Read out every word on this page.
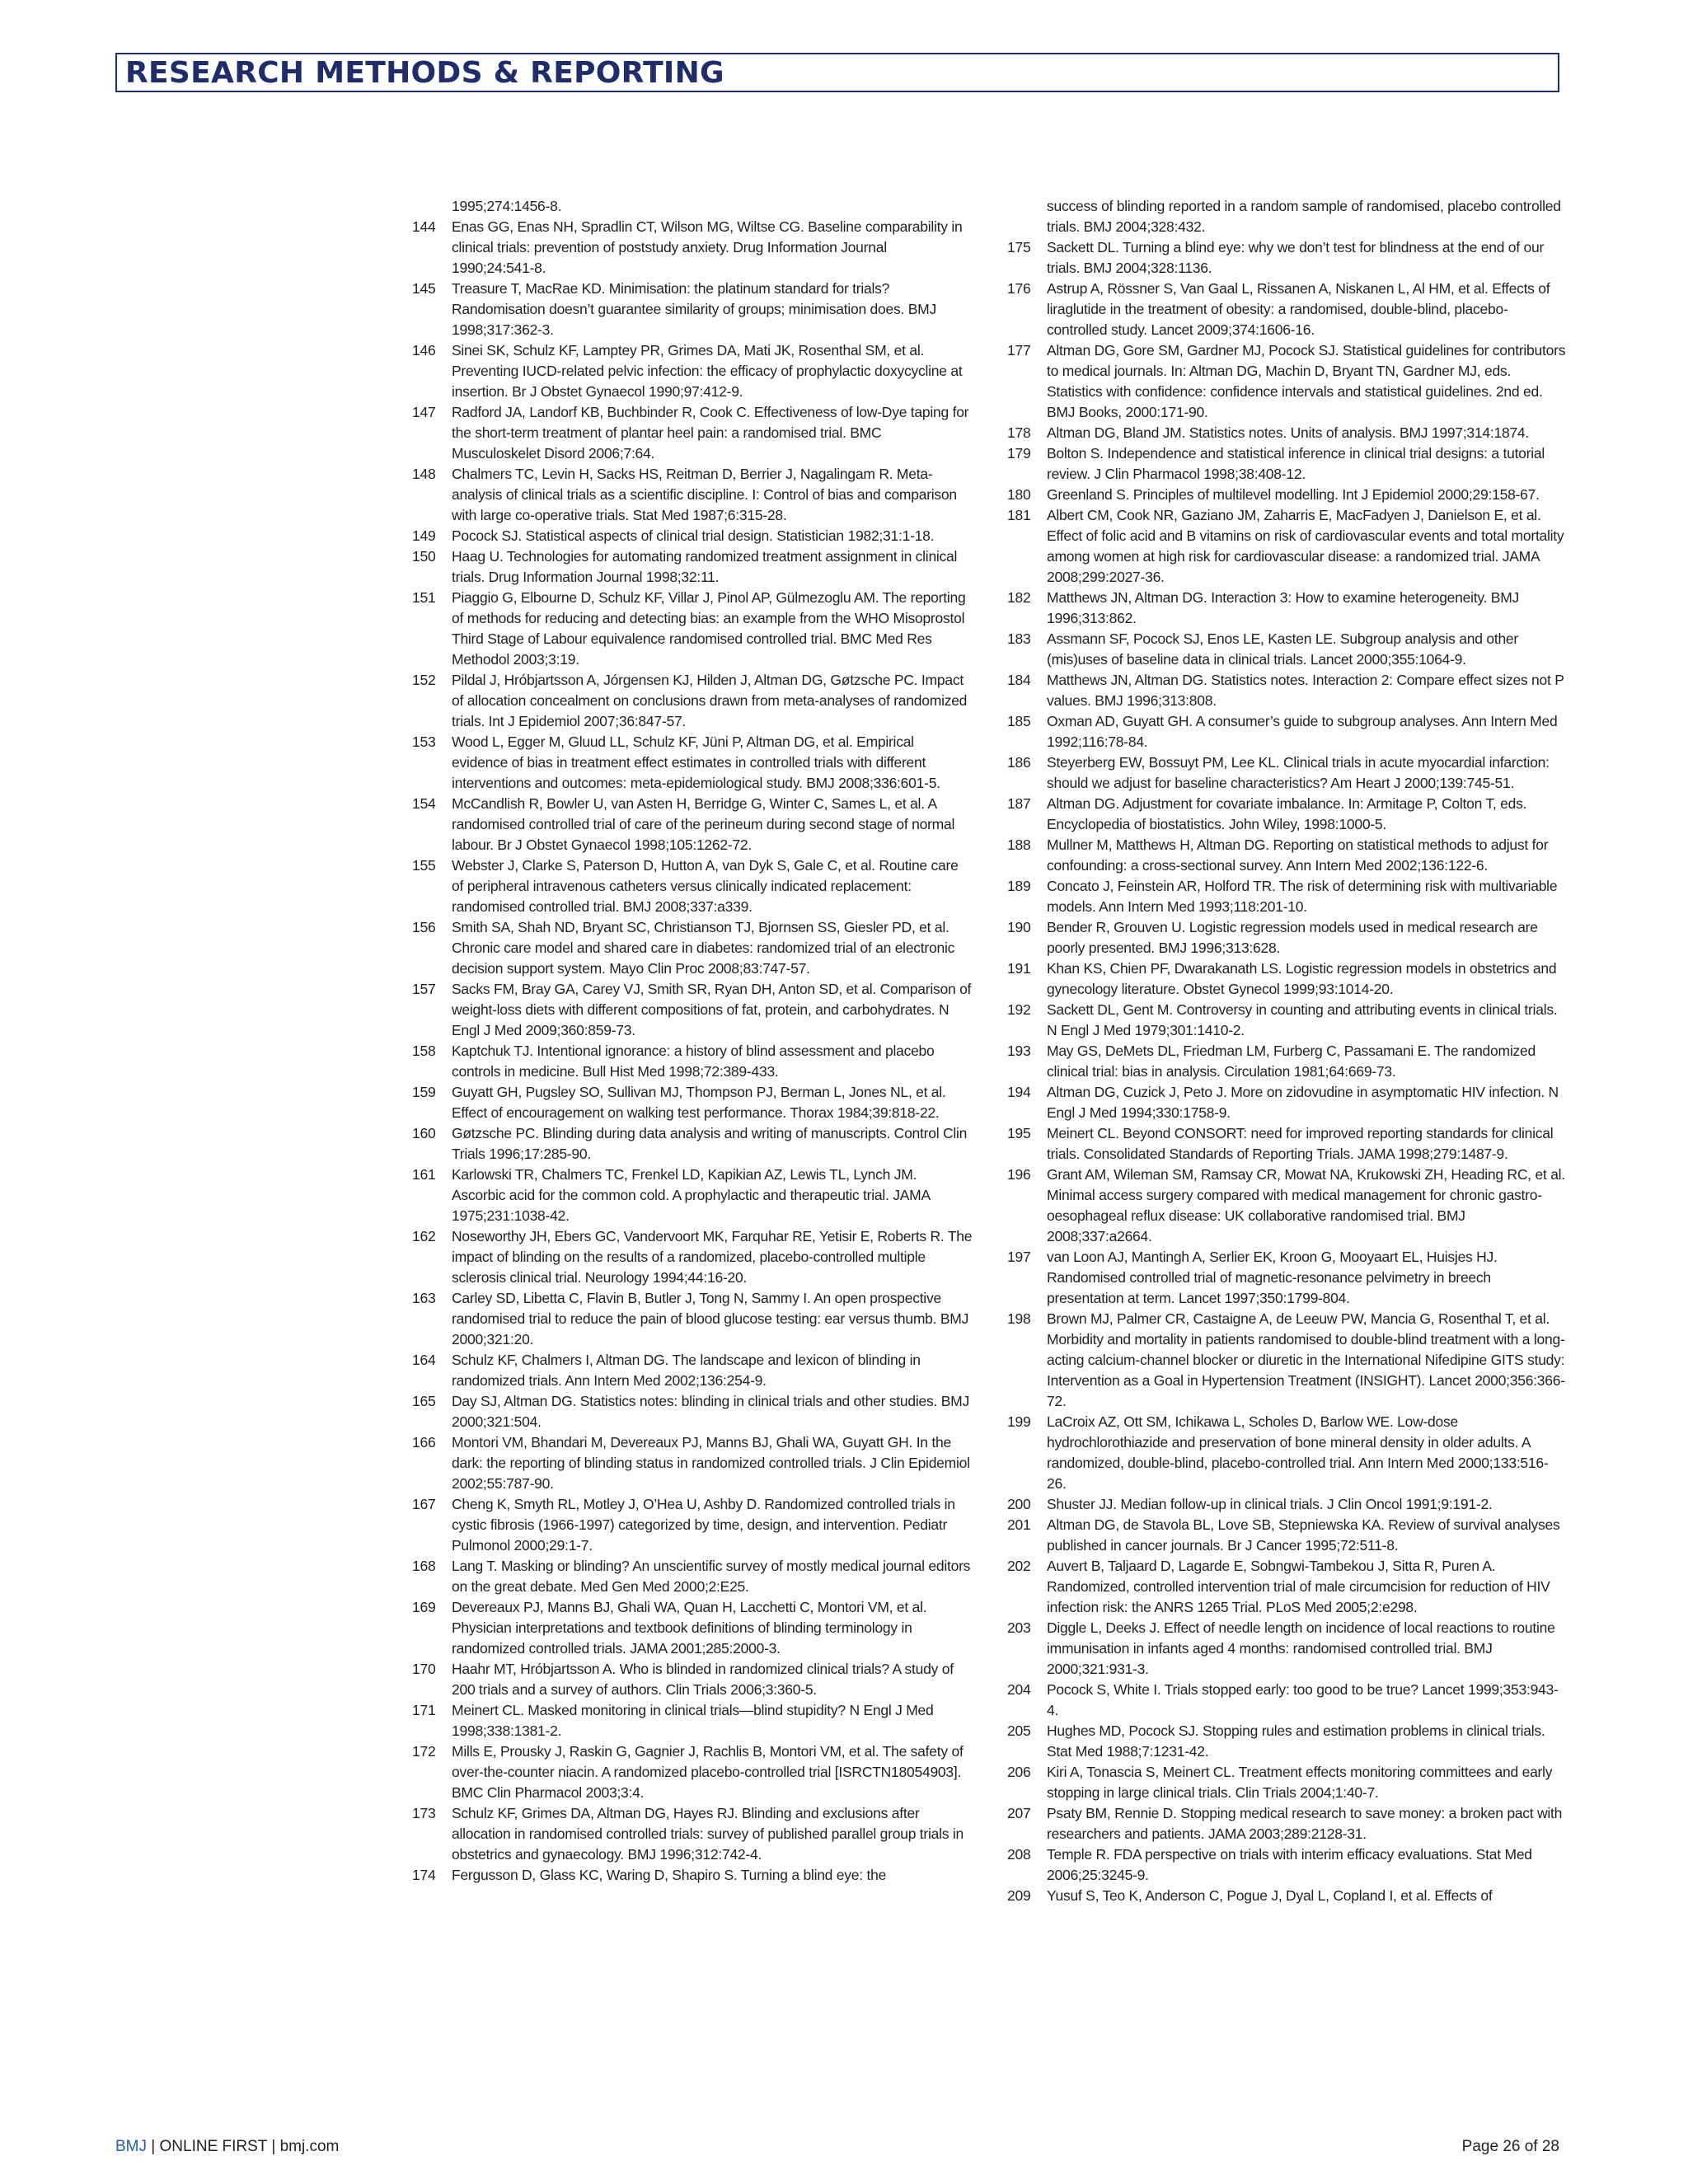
RESEARCH METHODS & REPORTING
1995;274:1456-8.
144 Enas GG, Enas NH, Spradlin CT, Wilson MG, Wiltse CG. Baseline comparability in clinical trials: prevention of poststudy anxiety. Drug Information Journal 1990;24:541-8.
145 Treasure T, MacRae KD. Minimisation: the platinum standard for trials? Randomisation doesn’t guarantee similarity of groups; minimisation does. BMJ 1998;317:362-3.
146 Sinei SK, Schulz KF, Lamptey PR, Grimes DA, Mati JK, Rosenthal SM, et al. Preventing IUCD-related pelvic infection: the efficacy of prophylactic doxycycline at insertion. Br J Obstet Gynaecol 1990;97:412-9.
147 Radford JA, Landorf KB, Buchbinder R, Cook C. Effectiveness of low-Dye taping for the short-term treatment of plantar heel pain: a randomised trial. BMC Musculoskelet Disord 2006;7:64.
148 Chalmers TC, Levin H, Sacks HS, Reitman D, Berrier J, Nagalingam R. Meta-analysis of clinical trials as a scientific discipline. I: Control of bias and comparison with large co-operative trials. Stat Med 1987;6:315-28.
149 Pocock SJ. Statistical aspects of clinical trial design. Statistician 1982;31:1-18.
150 Haag U. Technologies for automating randomized treatment assignment in clinical trials. Drug Information Journal 1998;32:11.
151 Piaggio G, Elbourne D, Schulz KF, Villar J, Pinol AP, Gülmezoglu AM. The reporting of methods for reducing and detecting bias: an example from the WHO Misoprostol Third Stage of Labour equivalence randomised controlled trial. BMC Med Res Methodol 2003;3:19.
152 Pildal J, Hróbjartsson A, Jórgensen KJ, Hilden J, Altman DG, Gøtzsche PC. Impact of allocation concealment on conclusions drawn from meta-analyses of randomized trials. Int J Epidemiol 2007;36:847-57.
153 Wood L, Egger M, Gluud LL, Schulz KF, Jüni P, Altman DG, et al. Empirical evidence of bias in treatment effect estimates in controlled trials with different interventions and outcomes: meta-epidemiological study. BMJ 2008;336:601-5.
154 McCandlish R, Bowler U, van Asten H, Berridge G, Winter C, Sames L, et al. A randomised controlled trial of care of the perineum during second stage of normal labour. Br J Obstet Gynaecol 1998;105:1262-72.
155 Webster J, Clarke S, Paterson D, Hutton A, van Dyk S, Gale C, et al. Routine care of peripheral intravenous catheters versus clinically indicated replacement: randomised controlled trial. BMJ 2008;337:a339.
156 Smith SA, Shah ND, Bryant SC, Christianson TJ, Bjornsen SS, Giesler PD, et al. Chronic care model and shared care in diabetes: randomized trial of an electronic decision support system. Mayo Clin Proc 2008;83:747-57.
157 Sacks FM, Bray GA, Carey VJ, Smith SR, Ryan DH, Anton SD, et al. Comparison of weight-loss diets with different compositions of fat, protein, and carbohydrates. N Engl J Med 2009;360:859-73.
158 Kaptchuk TJ. Intentional ignorance: a history of blind assessment and placebo controls in medicine. Bull Hist Med 1998;72:389-433.
159 Guyatt GH, Pugsley SO, Sullivan MJ, Thompson PJ, Berman L, Jones NL, et al. Effect of encouragement on walking test performance. Thorax 1984;39:818-22.
160 Gøtzsche PC. Blinding during data analysis and writing of manuscripts. Control Clin Trials 1996;17:285-90.
161 Karlowski TR, Chalmers TC, Frenkel LD, Kapikian AZ, Lewis TL, Lynch JM. Ascorbic acid for the common cold. A prophylactic and therapeutic trial. JAMA 1975;231:1038-42.
162 Noseworthy JH, Ebers GC, Vandervoort MK, Farquhar RE, Yetisir E, Roberts R. The impact of blinding on the results of a randomized, placebo-controlled multiple sclerosis clinical trial. Neurology 1994;44:16-20.
163 Carley SD, Libetta C, Flavin B, Butler J, Tong N, Sammy I. An open prospective randomised trial to reduce the pain of blood glucose testing: ear versus thumb. BMJ 2000;321:20.
164 Schulz KF, Chalmers I, Altman DG. The landscape and lexicon of blinding in randomized trials. Ann Intern Med 2002;136:254-9.
165 Day SJ, Altman DG. Statistics notes: blinding in clinical trials and other studies. BMJ 2000;321:504.
166 Montori VM, Bhandari M, Devereaux PJ, Manns BJ, Ghali WA, Guyatt GH. In the dark: the reporting of blinding status in randomized controlled trials. J Clin Epidemiol 2002;55:787-90.
167 Cheng K, Smyth RL, Motley J, O’Hea U, Ashby D. Randomized controlled trials in cystic fibrosis (1966-1997) categorized by time, design, and intervention. Pediatr Pulmonol 2000;29:1-7.
168 Lang T. Masking or blinding? An unscientific survey of mostly medical journal editors on the great debate. Med Gen Med 2000;2:E25.
169 Devereaux PJ, Manns BJ, Ghali WA, Quan H, Lacchetti C, Montori VM, et al. Physician interpretations and textbook definitions of blinding terminology in randomized controlled trials. JAMA 2001;285:2000-3.
170 Haahr MT, Hróbjartsson A. Who is blinded in randomized clinical trials? A study of 200 trials and a survey of authors. Clin Trials 2006;3:360-5.
171 Meinert CL. Masked monitoring in clinical trials—blind stupidity? N Engl J Med 1998;338:1381-2.
172 Mills E, Prousky J, Raskin G, Gagnier J, Rachlis B, Montori VM, et al. The safety of over-the-counter niacin. A randomized placebo-controlled trial [ISRCTN18054903]. BMC Clin Pharmacol 2003;3:4.
173 Schulz KF, Grimes DA, Altman DG, Hayes RJ. Blinding and exclusions after allocation in randomised controlled trials: survey of published parallel group trials in obstetrics and gynaecology. BMJ 1996;312:742-4.
174 Fergusson D, Glass KC, Waring D, Shapiro S. Turning a blind eye: the
success of blinding reported in a random sample of randomised, placebo controlled trials. BMJ 2004;328:432.
175 Sackett DL. Turning a blind eye: why we don’t test for blindness at the end of our trials. BMJ 2004;328:1136.
176 Astrup A, Rössner S, Van Gaal L, Rissanen A, Niskanen L, Al HM, et al. Effects of liraglutide in the treatment of obesity: a randomised, double-blind, placebo-controlled study. Lancet 2009;374:1606-16.
177 Altman DG, Gore SM, Gardner MJ, Pocock SJ. Statistical guidelines for contributors to medical journals. In: Altman DG, Machin D, Bryant TN, Gardner MJ, eds. Statistics with confidence: confidence intervals and statistical guidelines. 2nd ed. BMJ Books, 2000:171-90.
178 Altman DG, Bland JM. Statistics notes. Units of analysis. BMJ 1997;314:1874.
179 Bolton S. Independence and statistical inference in clinical trial designs: a tutorial review. J Clin Pharmacol 1998;38:408-12.
180 Greenland S. Principles of multilevel modelling. Int J Epidemiol 2000;29:158-67.
181 Albert CM, Cook NR, Gaziano JM, Zaharris E, MacFadyen J, Danielson E, et al. Effect of folic acid and B vitamins on risk of cardiovascular events and total mortality among women at high risk for cardiovascular disease: a randomized trial. JAMA 2008;299:2027-36.
182 Matthews JN, Altman DG. Interaction 3: How to examine heterogeneity. BMJ 1996;313:862.
183 Assmann SF, Pocock SJ, Enos LE, Kasten LE. Subgroup analysis and other (mis)uses of baseline data in clinical trials. Lancet 2000;355:1064-9.
184 Matthews JN, Altman DG. Statistics notes. Interaction 2: Compare effect sizes not P values. BMJ 1996;313:808.
185 Oxman AD, Guyatt GH. A consumer’s guide to subgroup analyses. Ann Intern Med 1992;116:78-84.
186 Steyerberg EW, Bossuyt PM, Lee KL. Clinical trials in acute myocardial infarction: should we adjust for baseline characteristics? Am Heart J 2000;139:745-51.
187 Altman DG. Adjustment for covariate imbalance. In: Armitage P, Colton T, eds. Encyclopedia of biostatistics. John Wiley, 1998:1000-5.
188 Mullner M, Matthews H, Altman DG. Reporting on statistical methods to adjust for confounding: a cross-sectional survey. Ann Intern Med 2002;136:122-6.
189 Concato J, Feinstein AR, Holford TR. The risk of determining risk with multivariable models. Ann Intern Med 1993;118:201-10.
190 Bender R, Grouven U. Logistic regression models used in medical research are poorly presented. BMJ 1996;313:628.
191 Khan KS, Chien PF, Dwarakanath LS. Logistic regression models in obstetrics and gynecology literature. Obstet Gynecol 1999;93:1014-20.
192 Sackett DL, Gent M. Controversy in counting and attributing events in clinical trials. N Engl J Med 1979;301:1410-2.
193 May GS, DeMets DL, Friedman LM, Furberg C, Passamani E. The randomized clinical trial: bias in analysis. Circulation 1981;64:669-73.
194 Altman DG, Cuzick J, Peto J. More on zidovudine in asymptomatic HIV infection. N Engl J Med 1994;330:1758-9.
195 Meinert CL. Beyond CONSORT: need for improved reporting standards for clinical trials. Consolidated Standards of Reporting Trials. JAMA 1998;279:1487-9.
196 Grant AM, Wileman SM, Ramsay CR, Mowat NA, Krukowski ZH, Heading RC, et al. Minimal access surgery compared with medical management for chronic gastro-oesophageal reflux disease: UK collaborative randomised trial. BMJ 2008;337:a2664.
197 van Loon AJ, Mantingh A, Serlier EK, Kroon G, Mooyaart EL, Huisjes HJ. Randomised controlled trial of magnetic-resonance pelvimetry in breech presentation at term. Lancet 1997;350:1799-804.
198 Brown MJ, Palmer CR, Castaigne A, de Leeuw PW, Mancia G, Rosenthal T, et al. Morbidity and mortality in patients randomised to double-blind treatment with a long-acting calcium-channel blocker or diuretic in the International Nifedipine GITS study: Intervention as a Goal in Hypertension Treatment (INSIGHT). Lancet 2000;356:366-72.
199 LaCroix AZ, Ott SM, Ichikawa L, Scholes D, Barlow WE. Low-dose hydrochlorothiazide and preservation of bone mineral density in older adults. A randomized, double-blind, placebo-controlled trial. Ann Intern Med 2000;133:516-26.
200 Shuster JJ. Median follow-up in clinical trials. J Clin Oncol 1991;9:191-2.
201 Altman DG, de Stavola BL, Love SB, Stepniewska KA. Review of survival analyses published in cancer journals. Br J Cancer 1995;72:511-8.
202 Auvert B, Taljaard D, Lagarde E, Sobngwi-Tambekou J, Sitta R, Puren A. Randomized, controlled intervention trial of male circumcision for reduction of HIV infection risk: the ANRS 1265 Trial. PLoS Med 2005;2:e298.
203 Diggle L, Deeks J. Effect of needle length on incidence of local reactions to routine immunisation in infants aged 4 months: randomised controlled trial. BMJ 2000;321:931-3.
204 Pocock S, White I. Trials stopped early: too good to be true? Lancet 1999;353:943-4.
205 Hughes MD, Pocock SJ. Stopping rules and estimation problems in clinical trials. Stat Med 1988;7:1231-42.
206 Kiri A, Tonascia S, Meinert CL. Treatment effects monitoring committees and early stopping in large clinical trials. Clin Trials 2004;1:40-7.
207 Psaty BM, Rennie D. Stopping medical research to save money: a broken pact with researchers and patients. JAMA 2003;289:2128-31.
208 Temple R. FDA perspective on trials with interim efficacy evaluations. Stat Med 2006;25:3245-9.
209 Yusuf S, Teo K, Anderson C, Pogue J, Dyal L, Copland I, et al. Effects of
BMJ | ONLINE FIRST | bmj.com	Page 26 of 28
